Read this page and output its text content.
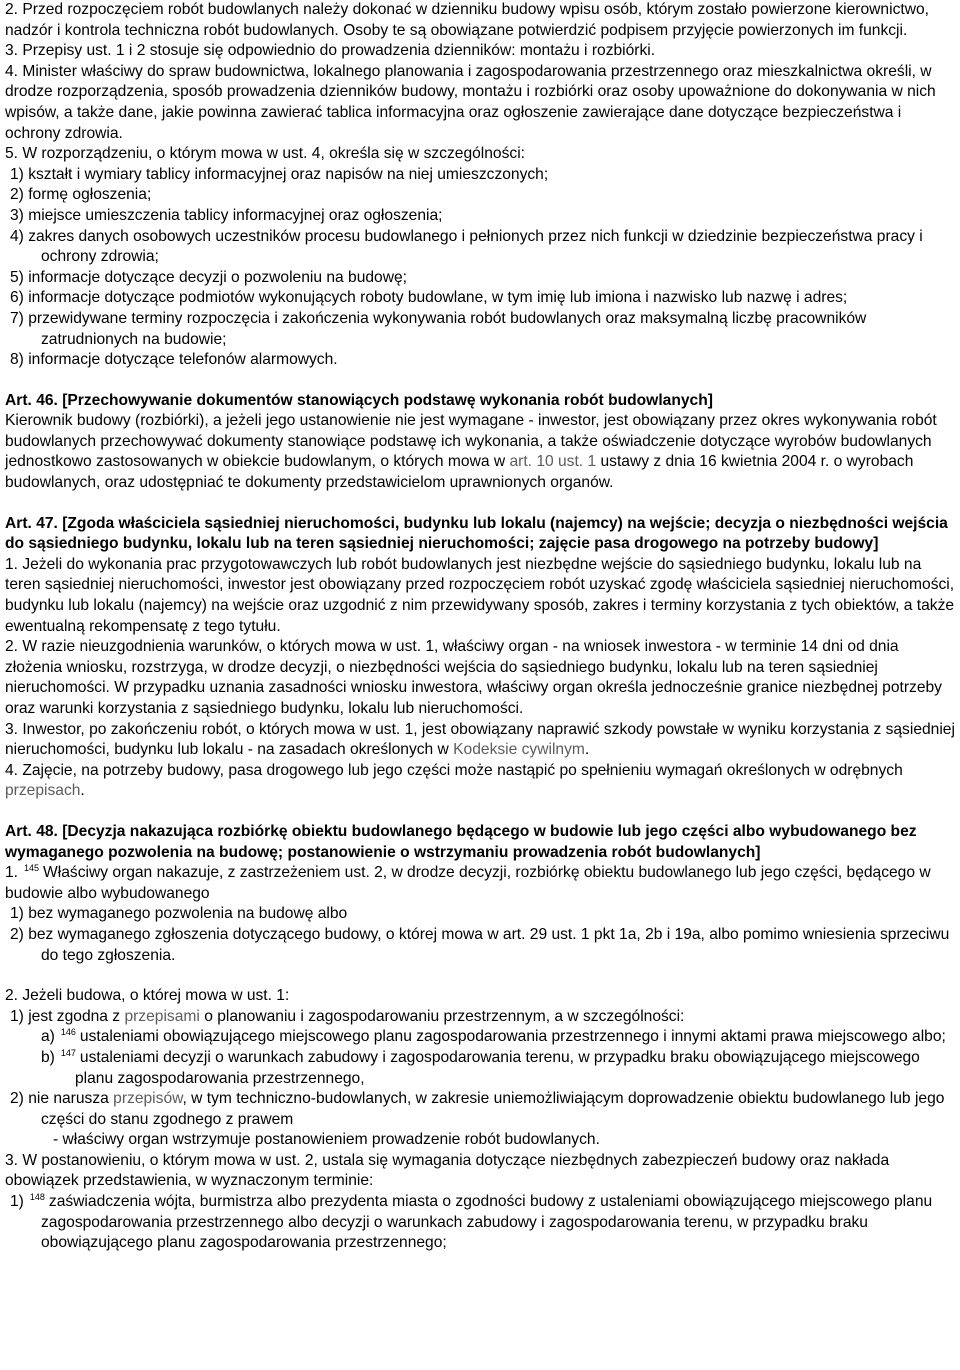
2. Przed rozpoczęciem robót budowlanych należy dokonać w dzienniku budowy wpisu osób, którym zostało powierzone kierownictwo, nadzór i kontrola techniczna robót budowlanych. Osoby te są obowiązane potwierdzić podpisem przyjęcie powierzonych im funkcji.

3. Przepisy ust. 1 i 2 stosuje się odpowiednio do prowadzenia dzienników: montażu i rozbiórki.

4. Minister właściwy do spraw budownictwa, lokalnego planowania i zagospodarowania przestrzennego oraz mieszkalnictwa określi, w drodze rozporządzenia, sposób prowadzenia dzienników budowy, montażu i rozbiórki oraz osoby upoważnione do dokonywania w nich wpisów, a także dane, jakie powinna zawierać tablica informacyjna oraz ogłoszenie zawierające dane dotyczące bezpieczeństwa i ochrony zdrowia.

5. W rozporządzeniu, o którym mowa w ust. 4, określa się w szczególności:

1) kształt i wymiary tablicy informacyjnej oraz napisów na niej umieszczonych;

2) formę ogłoszenia;

3) miejsce umieszczenia tablicy informacyjnej oraz ogłoszenia;

4) zakres danych osobowych uczestników procesu budowlanego i pełnionych przez nich funkcji w dziedzinie bezpieczeństwa pracy i ochrony zdrowia;

5) informacje dotyczące decyzji o pozwoleniu na budowę;

6) informacje dotyczące podmiotów wykonujących roboty budowlane, w tym imię lub imiona i nazwisko lub nazwę i adres;

7) przewidywane terminy rozpoczęcia i zakończenia wykonywania robót budowlanych oraz maksymalną liczbę pracowników zatrudnionych na budowie;

8) informacje dotyczące telefonów alarmowych.

Art. 46. [Przechowywanie dokumentów stanowiących podstawę wykonania robót budowlanych]

Kierownik budowy (rozbiórki), a jeżeli jego ustanowienie nie jest wymagane - inwestor, jest obowiązany przez okres wykonywania robót budowlanych przechowywać dokumenty stanowiące podstawę ich wykonania, a także oświadczenie dotyczące wyrobów budowlanych jednostkowo zastosowanych w obiekcie budowlanym, o których mowa w art. 10 ust. 1 ustawy z dnia 16 kwietnia 2004 r. o wyrobach budowlanych, oraz udostępniać te dokumenty przedstawicielom uprawnionych organów.

Art. 47. [Zgoda właściciela sąsiedniej nieruchomości, budynku lub lokalu (najemcy) na wejście; decyzja o niezbędności wejścia do sąsiedniego budynku, lokalu lub na teren sąsiedniej nieruchomości; zajęcie pasa drogowego na potrzeby budowy]

1. Jeżeli do wykonania prac przygotowawczych lub robót budowlanych jest niezbędne wejście do sąsiedniego budynku, lokalu lub na teren sąsiedniej nieruchomości, inwestor jest obowiązany przed rozpoczęciem robót uzyskać zgodę właściciela sąsiedniej nieruchomości, budynku lub lokalu (najemcy) na wejście oraz uzgodnić z nim przewidywany sposób, zakres i terminy korzystania z tych obiektów, a także ewentualną rekompensatę z tego tytułu.

2. W razie nieuzgodnienia warunków, o których mowa w ust. 1, właściwy organ - na wniosek inwestora - w terminie 14 dni od dnia złożenia wniosku, rozstrzyga, w drodze decyzji, o niezbędności wejścia do sąsiedniego budynku, lokalu lub na teren sąsiedniej nieruchomości. W przypadku uznania zasadności wniosku inwestora, właściwy organ określa jednocześnie granice niezbędnej potrzeby oraz warunki korzystania z sąsiedniego budynku, lokalu lub nieruchomości.

3. Inwestor, po zakończeniu robót, o których mowa w ust. 1, jest obowiązany naprawić szkody powstałe w wyniku korzystania z sąsiedniej nieruchomości, budynku lub lokalu - na zasadach określonych w Kodeksie cywilnym.

4. Zajęcie, na potrzeby budowy, pasa drogowego lub jego części może nastąpić po spełnieniu wymagań określonych w odrębnych przepisach.

Art. 48. [Decyzja nakazująca rozbiórkę obiektu budowlanego będącego w budowie lub jego części albo wybudowanego bez wymaganego pozwolenia na budowę; postanowienie o wstrzymaniu prowadzenia robót budowlanych]

1. $^{145}$ Właściwy organ nakazuje, z zastrzeżeniem ust. 2, w drodze decyzji, rozbiórkę obiektu budowlanego lub jego części, będącego w budowie albo wybudowanego

1) bez wymaganego pozwolenia na budowę albo

2) bez wymaganego zgłoszenia dotyczącego budowy, o której mowa w art. 29 ust. 1 pkt 1a, 2b i 19a, albo pomimo wniesienia sprzeciwu do tego zgłoszenia.

2. Jeżeli budowa, o której mowa w ust. 1:

1) jest zgodna z przepisami o planowaniu i zagospodarowaniu przestrzennym, a w szczególności:

a) $^{146}$ ustaleniami obowiązującego miejscowego planu zagospodarowania przestrzennego i innymi aktami prawa miejscowego albo;

b) $^{147}$ ustaleniami decyzji o warunkach zabudowy i zagospodarowania terenu, w przypadku braku obowiązującego miejscowego planu zagospodarowania przestrzennego,

2) nie narusza przepisów, w tym techniczno-budowlanych, w zakresie uniemożliwiającym doprowadzenie obiektu budowlanego lub jego części do stanu zgodnego z prawem

- właściwy organ wstrzymuje postanowieniem prowadzenie robót budowlanych.

3. W postanowieniu, o którym mowa w ust. 2, ustala się wymagania dotyczące niezbędnych zabezpieczeń budowy oraz nakłada obowiązek przedstawienia, w wyznaczonym terminie:

1) $^{148}$ zaświadczenia wójta, burmistrza albo prezydenta miasta o zgodności budowy z ustaleniami obowiązującego miejscowego planu zagospodarowania przestrzennego albo decyzji o warunkach zabudowy i zagospodarowania terenu, w przypadku braku obowiązującego planu zagospodarowania przestrzennego;
